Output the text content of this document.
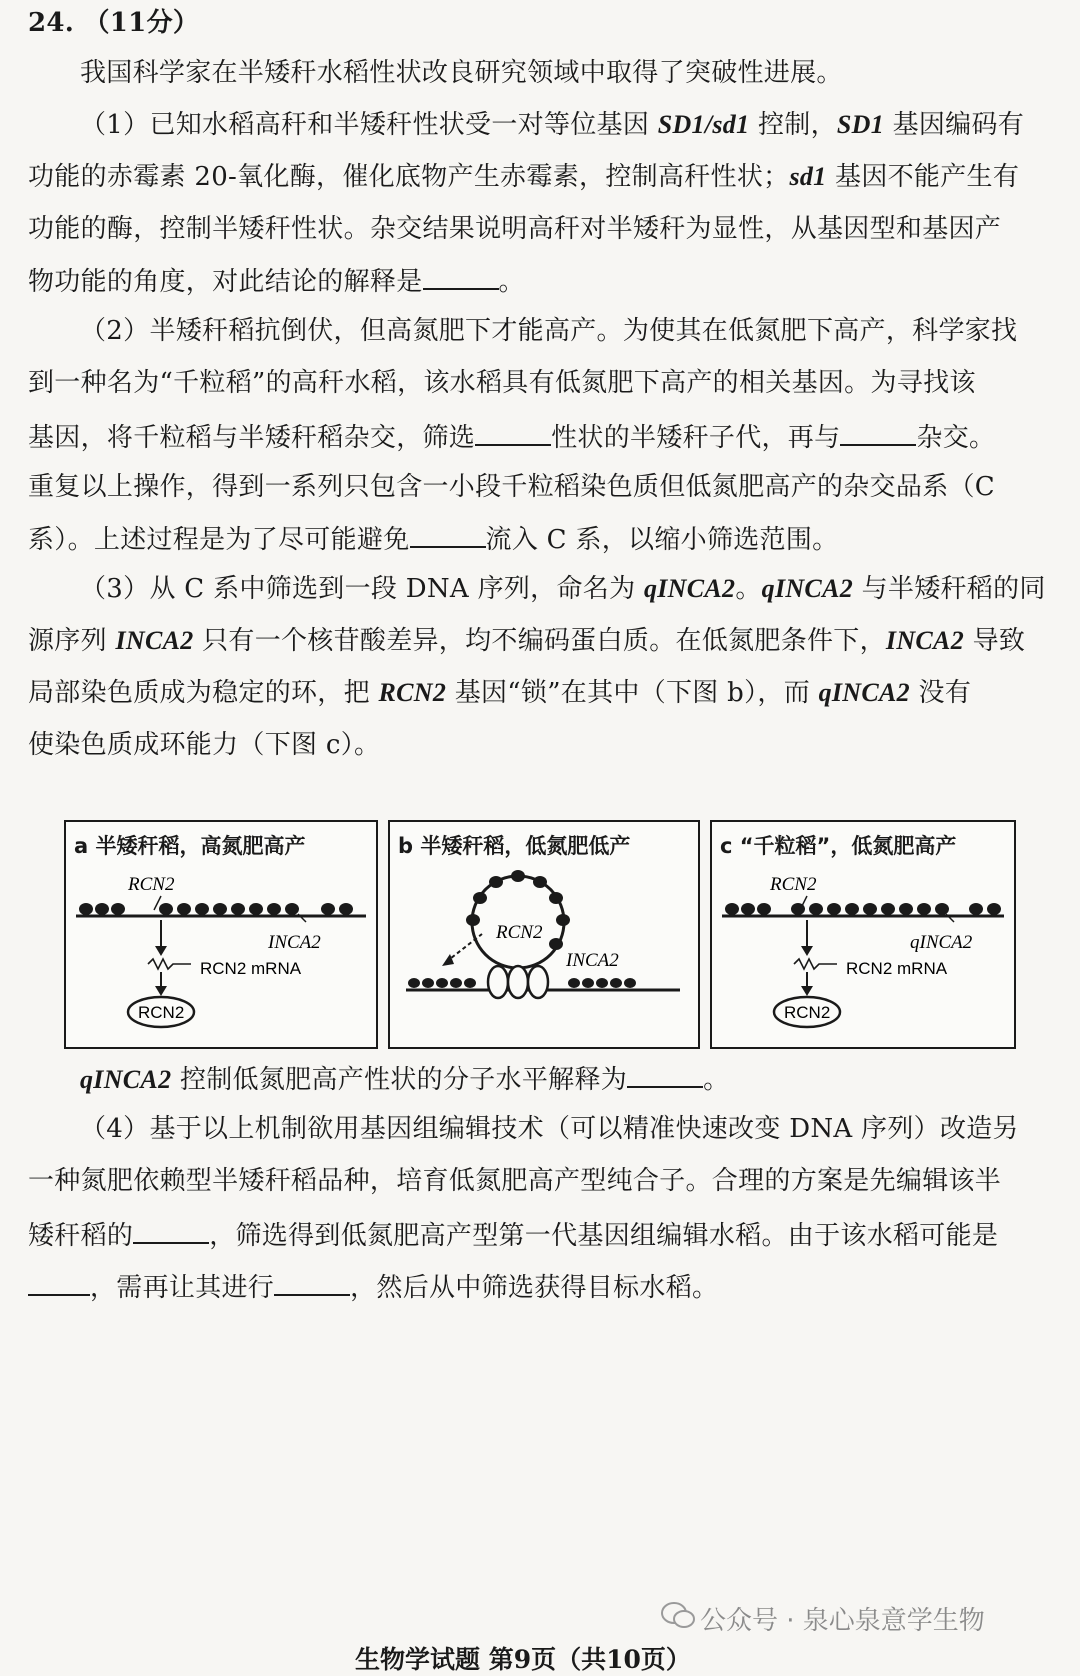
24. （11分）
我国科学家在半矮秆水稻性状改良研究领域中取得了突破性进展。
（1）已知水稻高秆和半矮秆性状受一对等位基因 SD1/sd1 控制，SD1 基因编码有
功能的赤霉素 20-氧化酶，催化底物产生赤霉素，控制高秆性状；sd1 基因不能产生有
功能的酶，控制半矮秆性状。杂交结果说明高秆对半矮秆为显性，从基因型和基因产
物功能的角度，对此结论的解释是	。
（2）半矮秆稻抗倒伏，但高氮肥下才能高产。为使其在低氮肥下高产，科学家找
到一种名为“千粒稻”的高秆水稻，该水稻具有低氮肥下高产的相关基因。为寻找该
基因，将千粒稻与半矮秆稻杂交，筛选	性状的半矮秆子代，再与	杂交。
重复以上操作，得到一系列只包含一小段千粒稻染色质但低氮肥高产的杂交品系（C
系）。上述过程是为了尽可能避免	流入 C 系，以缩小筛选范围。
（3）从 C 系中筛选到一段 DNA 序列，命名为 qINCA2。qINCA2 与半矮秆稻的同
源序列 INCA2 只有一个核苷酸差异，均不编码蛋白质。在低氮肥条件下，INCA2 导致
局部染色质成为稳定的环，把 RCN2 基因“锁”在其中（下图 b），而 qINCA2 没有
使染色质成环能力（下图 c）。
a 半矮秆稻，高氮肥高产
RCN2
INCA2
RCN2 mRNA
RCN2
b 半矮秆稻，低氮肥低产
RCN2
INCA2
c “千粒稻”，低氮肥高产
RCN2
qINCA2
RCN2 mRNA
RCN2
qINCA2 控制低氮肥高产性状的分子水平解释为	。
（4）基于以上机制欲用基因组编辑技术（可以精准快速改变 DNA 序列）改造另
一种氮肥依赖型半矮秆稻品种，培育低氮肥高产型纯合子。合理的方案是先编辑该半
矮秆稻的	，筛选得到低氮肥高产型第一代基因组编辑水稻。由于该水稻可能是
，需再让其进行	，然后从中筛选获得目标水稻。
公众号 · 泉心泉意学生物
生物学试题 第9页（共10页）
